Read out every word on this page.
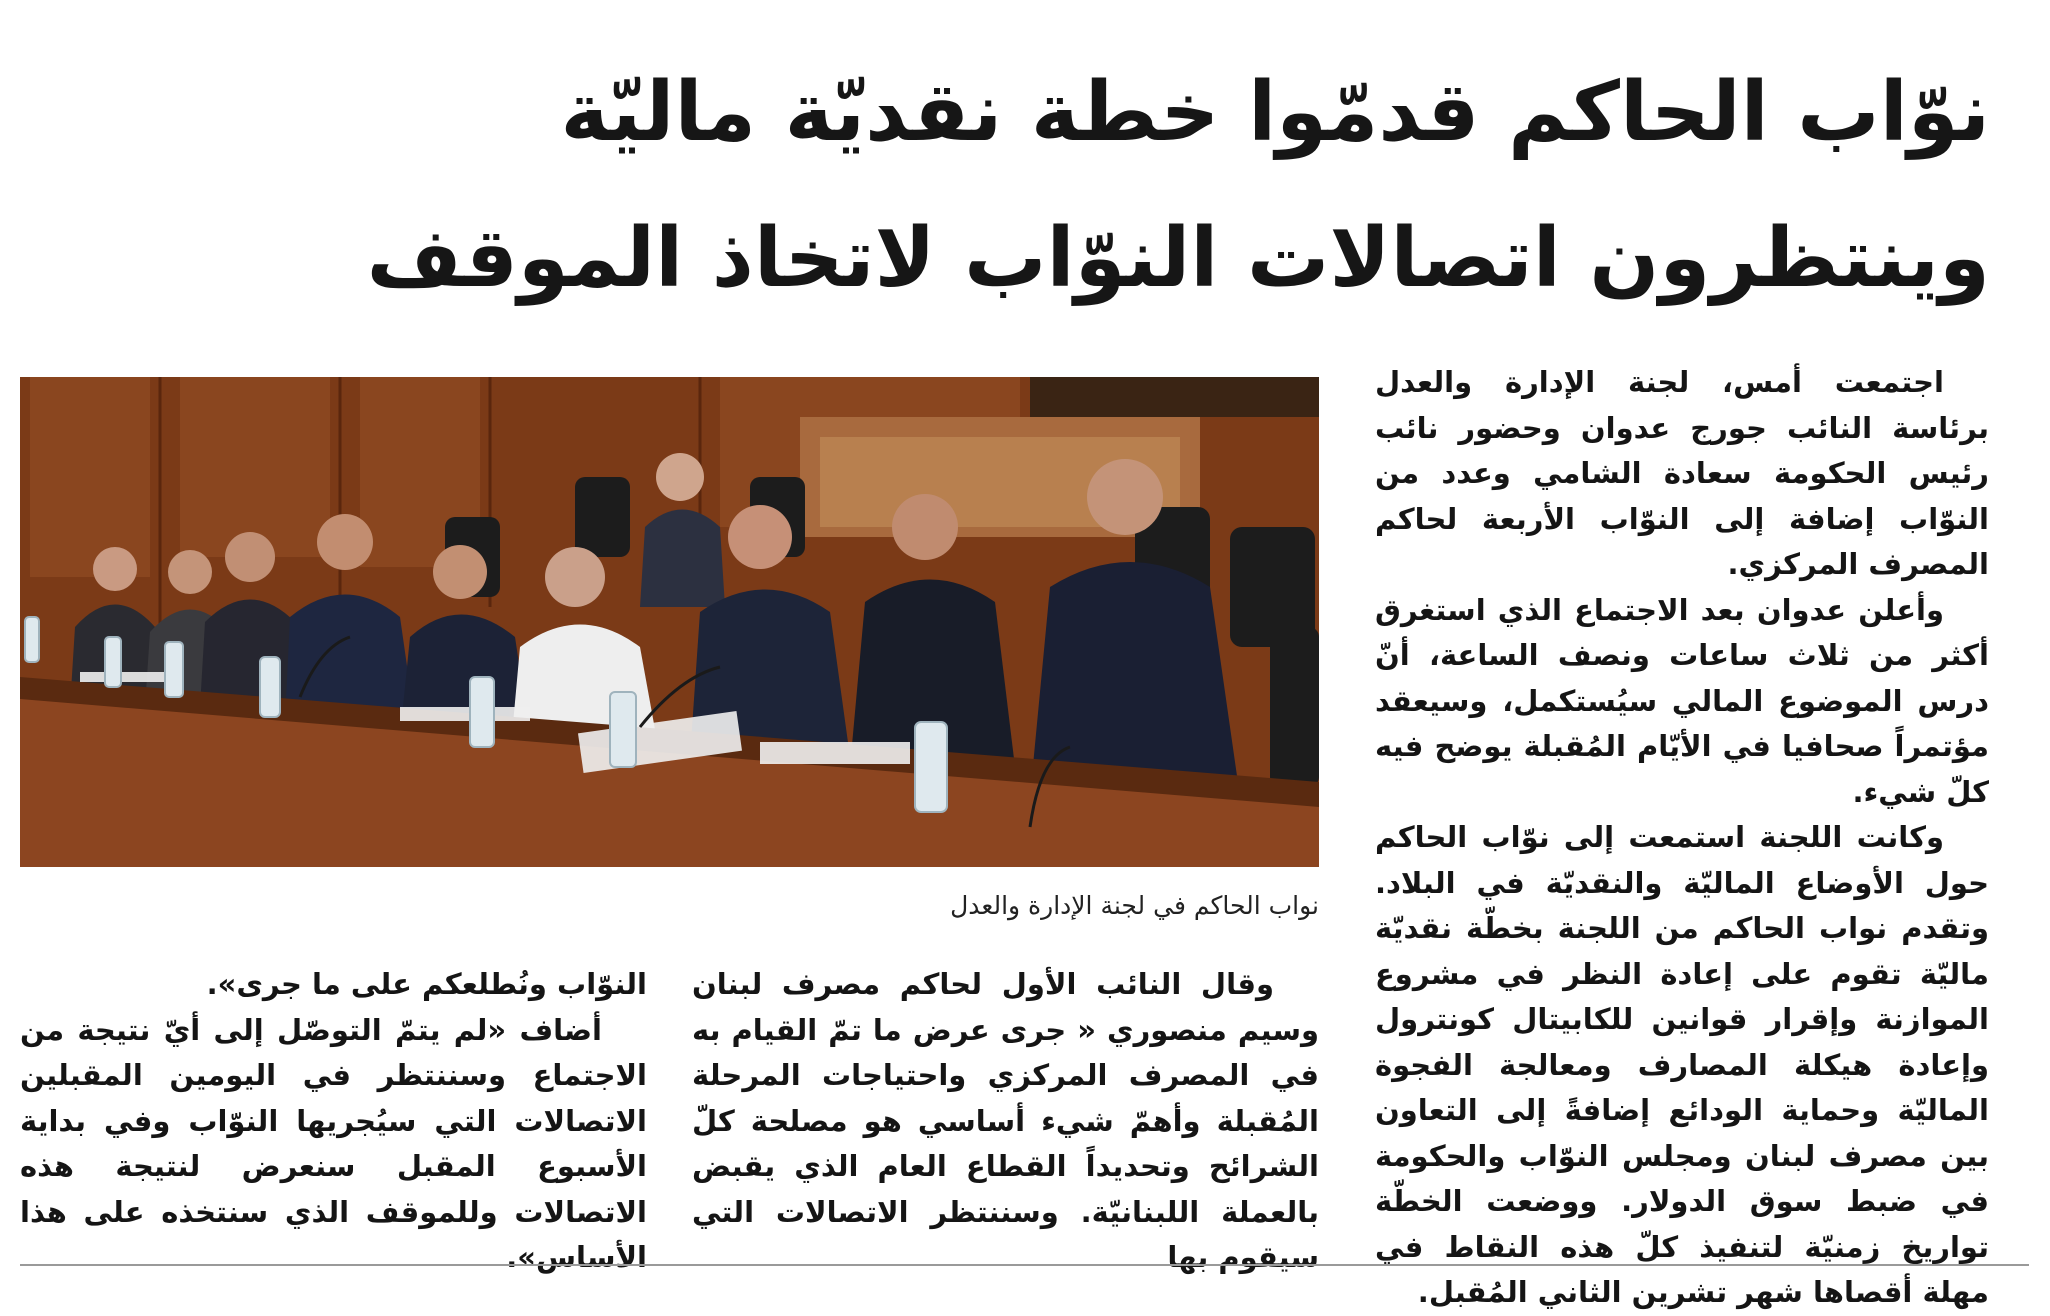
نوّاب الحاكم قدمّوا خطة نقديّة ماليّة
وينتظرون اتصالات النوّاب لاتخاذ الموقف

اجتمعت أمس، لجنة الإدارة والعدل برئاسة النائب جورج عدوان وحضور نائب رئيس الحكومة سعادة الشامي وعدد من النوّاب إضافة إلى النوّاب الأربعة لحاكم المصرف المركزي.

وأعلن عدوان بعد الاجتماع الذي استغرق أكثر من ثلاث ساعات ونصف الساعة، أنّ درس الموضوع المالي سيُستكمل، وسيعقد مؤتمراً صحافيا في الأيّام المُقبلة يوضح فيه كلّ شيء.

وكانت اللجنة استمعت إلى نوّاب الحاكم حول الأوضاع الماليّة والنقديّة في البلاد. وتقدم نواب الحاكم من اللجنة بخطّة نقديّة ماليّة تقوم على إعادة النظر في مشروع الموازنة وإقرار قوانين للكابيتال كونترول وإعادة هيكلة المصارف ومعالجة الفجوة الماليّة وحماية الودائع إضافةً إلى التعاون بين مصرف لبنان ومجلس النوّاب والحكومة في ضبط سوق الدولار. ووضعت الخطّة تواريخ زمنيّة لتنفيذ كلّ هذه النقاط في مهلة أقصاها شهر تشرين الثاني المُقبل.

نواب الحاكم في لجنة الإدارة والعدل

وقال النائب الأول لحاكم مصرف لبنان وسيم منصوري « جرى عرض ما تمّ القيام به في المصرف المركزي واحتياجات المرحلة المُقبلة وأهمّ شيء أساسي هو مصلحة كلّ الشرائح وتحديداً القطاع العام الذي يقبض بالعملة اللبنانيّة. وسننتظر الاتصالات التي سيقوم بها

النوّاب ونُطلعكم على ما جرى».

أضاف «لم يتمّ التوصّل إلى أيّ نتيجة من الاجتماع وسننتظر في اليومين المقبلين الاتصالات التي سيُجريها النوّاب وفي بداية الأسبوع المقبل سنعرض لنتيجة هذه الاتصالات وللموقف الذي سنتخذه على هذا الأساس».
